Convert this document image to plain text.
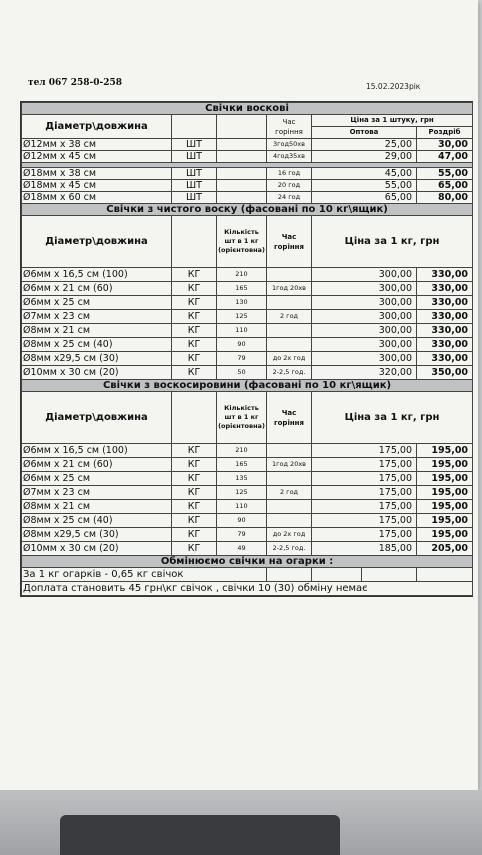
тел 067 258-0-258	15.02.2023рік
Свічки воскові						
Діаметр\довжина			Час горіння	Ціна за 1 штуку, грн		
				Оптова		Роздріб
Ø12мм х 38 см	ШТ		3год50хв	25,00		30,00
Ø12мм х 45 см	ШТ		4год35хв	29,00		47,00

Ø18мм х 38 см	ШТ		16 год	45,00		55,00
Ø18мм х 45 см	ШТ		20 год	55,00		65,00
Ø18мм х 60 см	ШТ		24 год	65,00		80,00
Свічки з чистого воску (фасовані по 10 кг\ящик)						
Діаметр\довжина		Кількість шт в 1 кг (орієнтовна)	Час горіння	Ціна за 1 кг, грн		
Ø6мм х 16,5 см (100)	КГ	210		300,00		330,00
Ø6мм х 21 см (60)	КГ	165	1год 20хв	300,00		330,00
Ø6мм х 25 см	КГ	130		300,00		330,00
Ø7мм х 23 см	КГ	125	2 год	300,00		330,00
Ø8мм х 21 см	КГ	110		300,00		330,00
Ø8мм х 25 см (40)	КГ	90		300,00		330,00
Ø8мм х29,5 см (30)	КГ	79	до 2х год	300,00		330,00
Ø10мм х 30 см (20)	КГ	50	2-2,5 год.	320,00		350,00
Свічки з воскосировини (фасовані по 10 кг\ящик)						
Діаметр\довжина		Кількість шт в 1 кг (орієнтовна)	Час горіння	Ціна за 1 кг, грн		
Ø6мм х 16,5 см (100)	КГ	210		175,00		195,00
Ø6мм х 21 см (60)	КГ	165	1год 20хв	175,00		195,00
Ø6мм х 25 см	КГ	135		175,00		195,00
Ø7мм х 23 см	КГ	125	2 год	175,00		195,00
Ø8мм х 21 см	КГ	110		175,00		195,00
Ø8мм х 25 см (40)	КГ	90		175,00		195,00
Ø8мм х29,5 см (30)	КГ	79	до 2х год	175,00		195,00
Ø10мм х 30 см (20)	КГ	49	2-2,5 год.	185,00		205,00
Обмінюємо свічки на огарки :						
За 1 кг огарків - 0,65 кг свічок						
Доплата становить 45 грн\кг свічок , свічки 10 (30) обміну немає						
